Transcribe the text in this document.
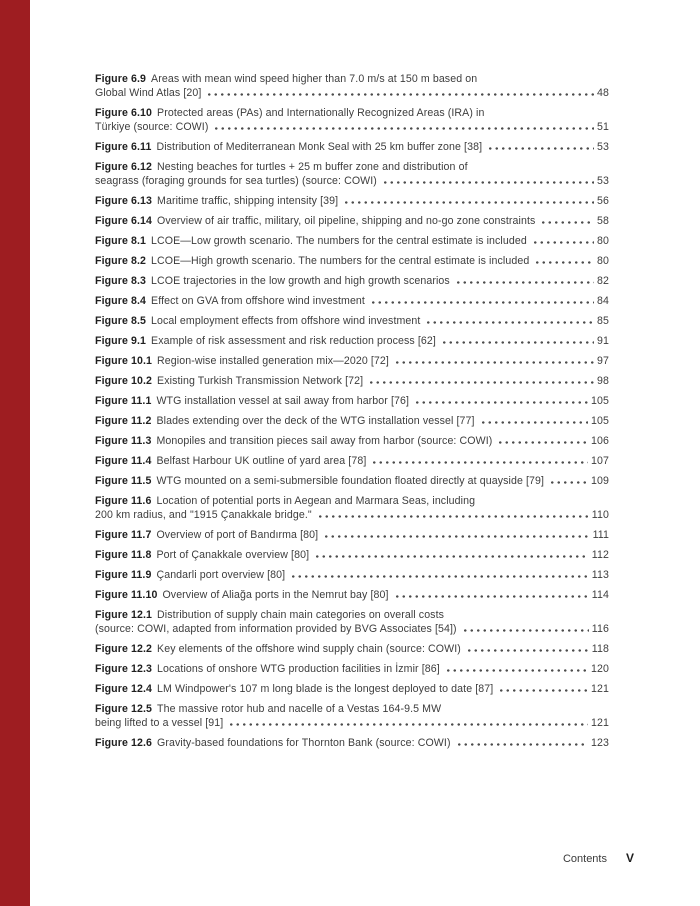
Figure 6.9 Areas with mean wind speed higher than 7.0 m/s at 150 m based on
Global Wind Atlas [20]	48
Figure 6.10 Protected areas (PAs) and Internationally Recognized Areas (IRA) in
Türkiye (source: COWI)	51
Figure 6.11 Distribution of Mediterranean Monk Seal with 25 km buffer zone [38]	53
Figure 6.12 Nesting beaches for turtles + 25 m buffer zone and distribution of
seagrass (foraging grounds for sea turtles) (source: COWI)	53
Figure 6.13 Maritime traffic, shipping intensity [39]	56
Figure 6.14 Overview of air traffic, military, oil pipeline, shipping and no-go zone constraints	58
Figure 8.1 LCOE—Low growth scenario. The numbers for the central estimate is included	80
Figure 8.2 LCOE—High growth scenario. The numbers for the central estimate is included	80
Figure 8.3 LCOE trajectories in the low growth and high growth scenarios	82
Figure 8.4 Effect on GVA from offshore wind investment	84
Figure 8.5 Local employment effects from offshore wind investment	85
Figure 9.1 Example of risk assessment and risk reduction process [62]	91
Figure 10.1 Region-wise installed generation mix—2020 [72]	97
Figure 10.2 Existing Turkish Transmission Network [72]	98
Figure 11.1 WTG installation vessel at sail away from harbor [76]	105
Figure 11.2 Blades extending over the deck of the WTG installation vessel [77]	105
Figure 11.3 Monopiles and transition pieces sail away from harbor (source: COWI)	106
Figure 11.4 Belfast Harbour UK outline of yard area [78]	107
Figure 11.5 WTG mounted on a semi-submersible foundation floated directly at quayside [79]	109
Figure 11.6 Location of potential ports in Aegean and Marmara Seas, including
200 km radius, and "1915 Çanakkale bridge."	110
Figure 11.7 Overview of port of Bandırma [80]	111
Figure 11.8 Port of Çanakkale overview [80]	112
Figure 11.9 Çandarli port overview [80]	113
Figure 11.10 Overview of Aliağa ports in the Nemrut bay [80]	114
Figure 12.1 Distribution of supply chain main categories on overall costs
(source: COWI, adapted from information provided by BVG Associates [54])	116
Figure 12.2 Key elements of the offshore wind supply chain (source: COWI)	118
Figure 12.3 Locations of onshore WTG production facilities in İzmir [86]	120
Figure 12.4 LM Windpower's 107 m long blade is the longest deployed to date [87]	121
Figure 12.5 The massive rotor hub and nacelle of a Vestas 164-9.5 MW
being lifted to a vessel [91]	121
Figure 12.6 Gravity-based foundations for Thornton Bank (source: COWI)	123
Contents V
